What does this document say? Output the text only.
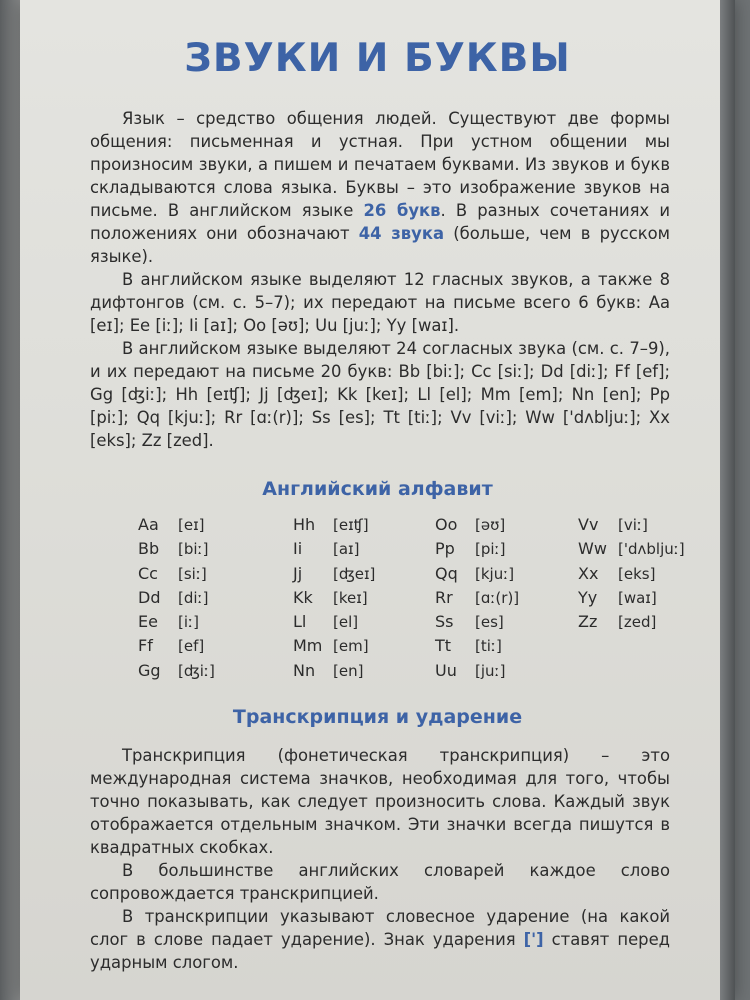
ЗВУКИ И БУКВЫ

Язык – средство общения людей. Существуют две формы общения: письменная и устная. При устном общении мы произносим звуки, а пишем и печатаем буквами. Из звуков и букв складываются слова языка. Буквы – это изображение звуков на письме. В английском языке 26 букв. В разных сочетаниях и положениях они обозначают 44 звука (больше, чем в русском языке).

В английском языке выделяют 12 гласных звуков, а также 8 дифтонгов (см. с. 5–7); их передают на письме всего 6 букв: Aa [eɪ]; Ee [iː]; Ii [aɪ]; Oo [əʊ]; Uu [juː]; Yy [waɪ].

В английском языке выделяют 24 согласных звука (см. с. 7–9), и их передают на письме 20 букв: Bb [biː]; Cc [siː]; Dd [diː]; Ff [ef]; Gg [ʤiː]; Hh [eɪʧ]; Jj [ʤeɪ]; Kk [keɪ]; Ll [el]; Mm [em]; Nn [en]; Pp [piː]; Qq [kjuː]; Rr [ɑː(r)]; Ss [es]; Tt [tiː]; Vv [viː]; Ww ['dʌbljuː]; Xx [eks]; Zz [zed].

Английский алфавит
Aa [eɪ]
Bb [biː]
Cc [siː]
Dd [diː]
Ee [iː]
Ff [ef]
Gg [ʤiː]
Hh [eɪʧ]
Ii [aɪ]
Jj [ʤeɪ]
Kk [keɪ]
Ll [el]
Mm [em]
Nn [en]
Oo [əʊ]
Pp [piː]
Qq [kjuː]
Rr [ɑː(r)]
Ss [es]
Tt [tiː]
Uu [juː]
Vv [viː]
Ww ['dʌbljuː]
Xx [eks]
Yy [waɪ]
Zz [zed]
Транскрипция и ударение

Транскрипция (фонетическая транскрипция) – это международная система значков, необходимая для того, чтобы точно показывать, как следует произносить слова. Каждый звук отображается отдельным значком. Эти значки всегда пишутся в квадратных скобках.

В большинстве английских словарей каждое слово сопровождается транскрипцией.

В транскрипции указывают словесное ударение (на какой слог в слове падает ударение). Знак ударения ['] ставят перед ударным слогом.
